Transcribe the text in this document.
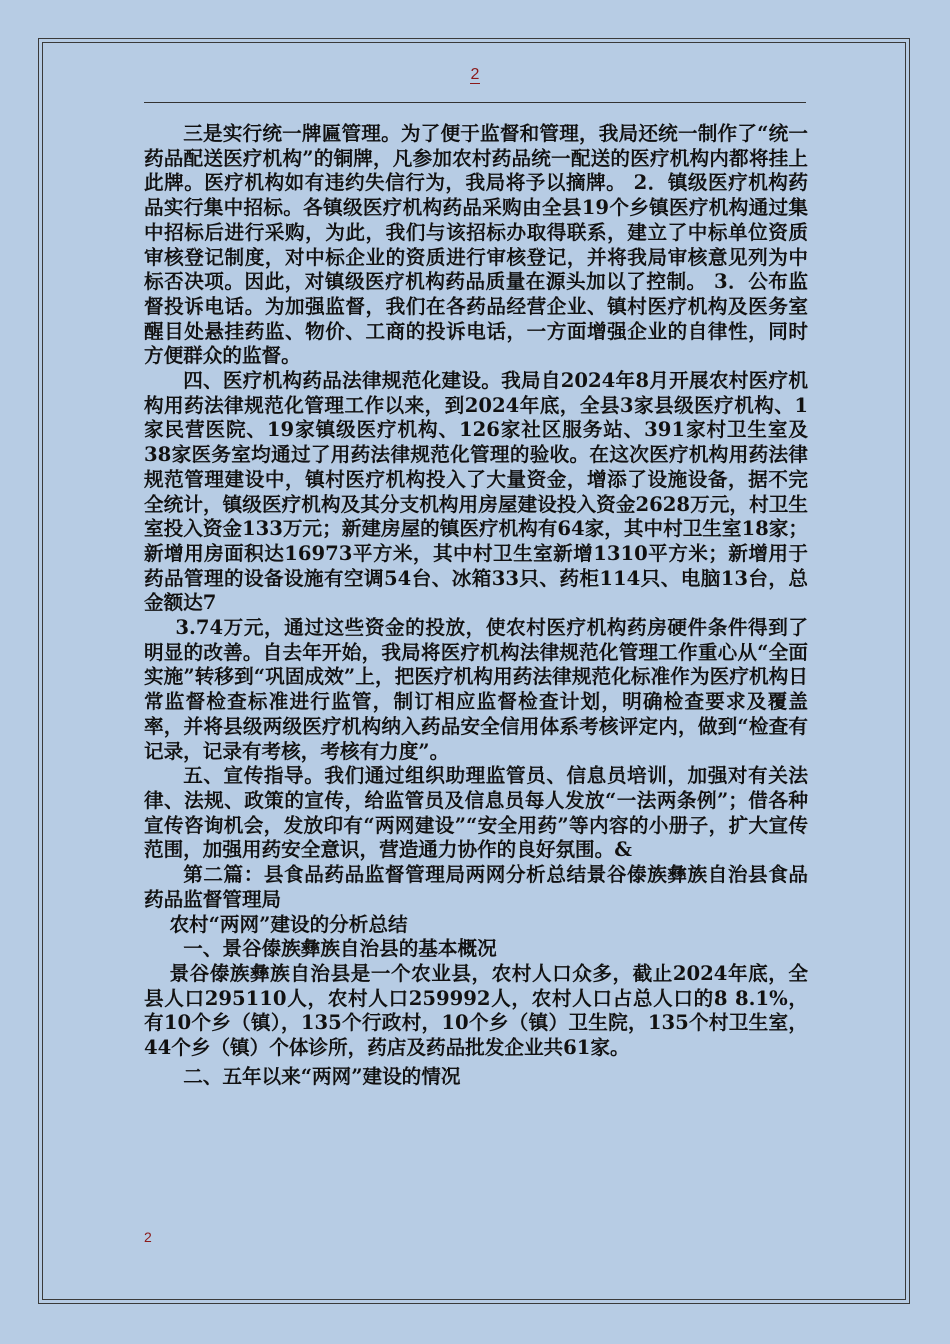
2

三是实行统一牌匾管理。为了便于监督和管理，我局还统一制作了“统一药品配送医疗机构”的铜牌，凡参加农村药品统一配送的医疗机构内都将挂上此牌。医疗机构如有违约失信行为，我局将予以摘牌。 2．镇级医疗机构药品实行集中招标。各镇级医疗机构药品采购由全县19个乡镇医疗机构通过集中招标后进行采购，为此，我们与该招标办取得联系，建立了中标单位资质审核登记制度，对中标企业的资质进行审核登记，并将我局审核意见列为中标否决项。因此，对镇级医疗机构药品质量在源头加以了控制。 3．公布监督投诉电话。为加强监督，我们在各药品经营企业、镇村医疗机构及医务室醒目处悬挂药监、物价、工商的投诉电话，一方面增强企业的自律性，同时方便群众的监督。

四、医疗机构药品法律规范化建设。我局自2024年8月开展农村医疗机构用药法律规范化管理工作以来，到2024年底，全县3家县级医疗机构、1家民营医院、19家镇级医疗机构、126家社区服务站、391家村卫生室及38家医务室均通过了用药法律规范化管理的验收。在这次医疗机构用药法律规范管理建设中，镇村医疗机构投入了大量资金，增添了设施设备，据不完全统计，镇级医疗机构及其分支机构用房屋建设投入资金2628万元，村卫生室投入资金133万元；新建房屋的镇医疗机构有64家，其中村卫生室18家；新增用房面积达16973平方米，其中村卫生室新增1310平方米；新增用于药品管理的设备设施有空调54台、冰箱33只、药柜114只、电脑13台，总金额达7

3.74万元，通过这些资金的投放，使农村医疗机构药房硬件条件得到了明显的改善。自去年开始，我局将医疗机构法律规范化管理工作重心从“全面实施”转移到“巩固成效”上，把医疗机构用药法律规范化标准作为医疗机构日常监督检查标准进行监管，制订相应监督检查计划，明确检查要求及覆盖率，并将县级两级医疗机构纳入药品安全信用体系考核评定内，做到“检查有记录，记录有考核，考核有力度”。

五、宣传指导。我们通过组织助理监管员、信息员培训，加强对有关法律、法规、政策的宣传，给监管员及信息员每人发放“一法两条例”；借各种宣传咨询机会，发放印有“两网建设”“安全用药”等内容的小册子，扩大宣传范围，加强用药安全意识，营造通力协作的良好氛围。&

第二篇：县食品药品监督管理局两网分析总结景谷傣族彝族自治县食品药品监督管理局

农村“两网”建设的分析总结

一、景谷傣族彝族自治县的基本概况

景谷傣族彝族自治县是一个农业县，农村人口众多，截止2024年底，全县人口295110人，农村人口259992人，农村人口占总人口的8 8.1%，有10个乡（镇），135个行政村，10个乡（镇）卫生院，135个村卫生室，44个乡（镇）个体诊所，药店及药品批发企业共61家。

二、五年以来“两网”建设的情况

2
